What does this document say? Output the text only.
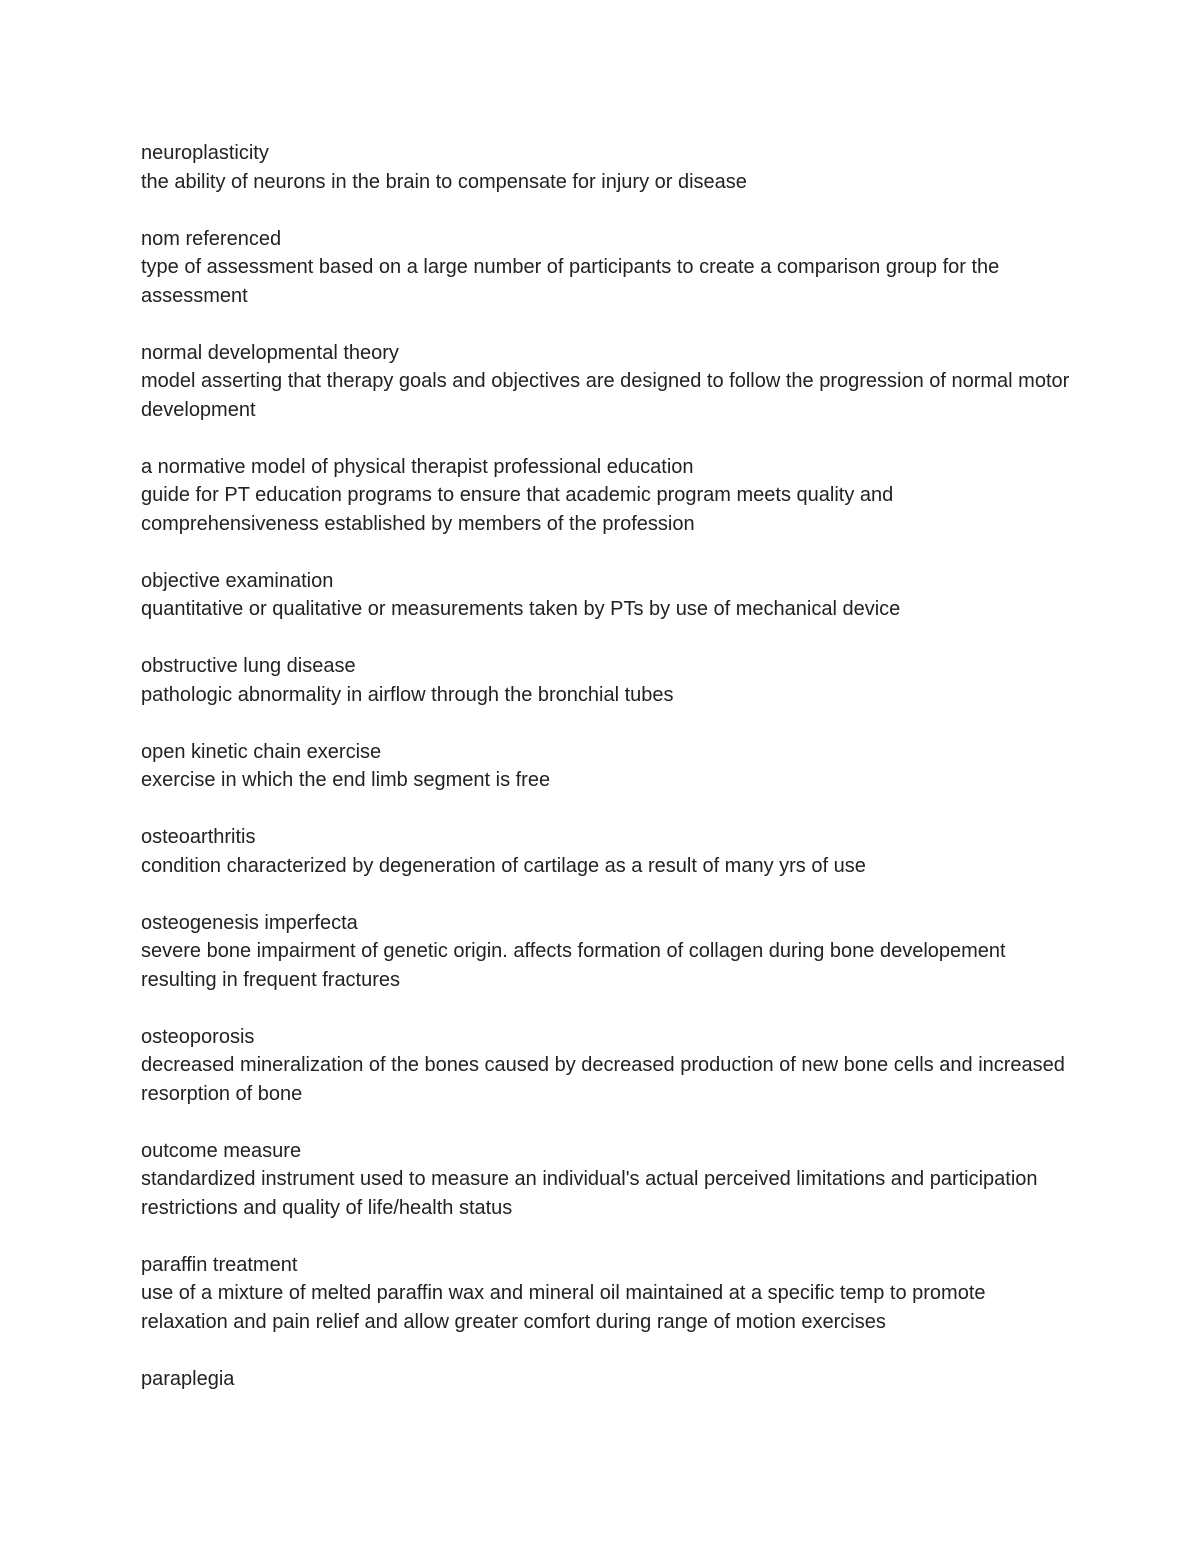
neuroplasticity

the ability of neurons in the brain to compensate for injury or disease

nom referenced

type of assessment based on a large number of participants to create a comparison group for the assessment

normal developmental theory

model asserting that therapy goals and objectives are designed to follow the progression of normal motor development

a normative model of physical therapist professional education

guide for PT education programs to ensure that academic program meets quality and comprehensiveness established by members of the profession

objective examination

quantitative or qualitative or measurements taken by PTs by use of mechanical device

obstructive lung disease

pathologic abnormality in airflow through the bronchial tubes

open kinetic chain exercise

exercise in which the end limb segment is free

osteoarthritis

condition characterized by degeneration of cartilage as a result of many yrs of use

osteogenesis imperfecta

severe bone impairment of genetic origin. affects formation of collagen during bone developement resulting in frequent fractures

osteoporosis

decreased mineralization of the bones caused by decreased production of new bone cells and increased resorption of bone

outcome measure

standardized instrument used to measure an individual's actual perceived limitations and participation restrictions and quality of life/health status

paraffin treatment

use of a mixture of melted paraffin wax and mineral oil maintained at a specific temp to promote relaxation and pain relief and allow greater comfort during range of motion exercises

paraplegia
